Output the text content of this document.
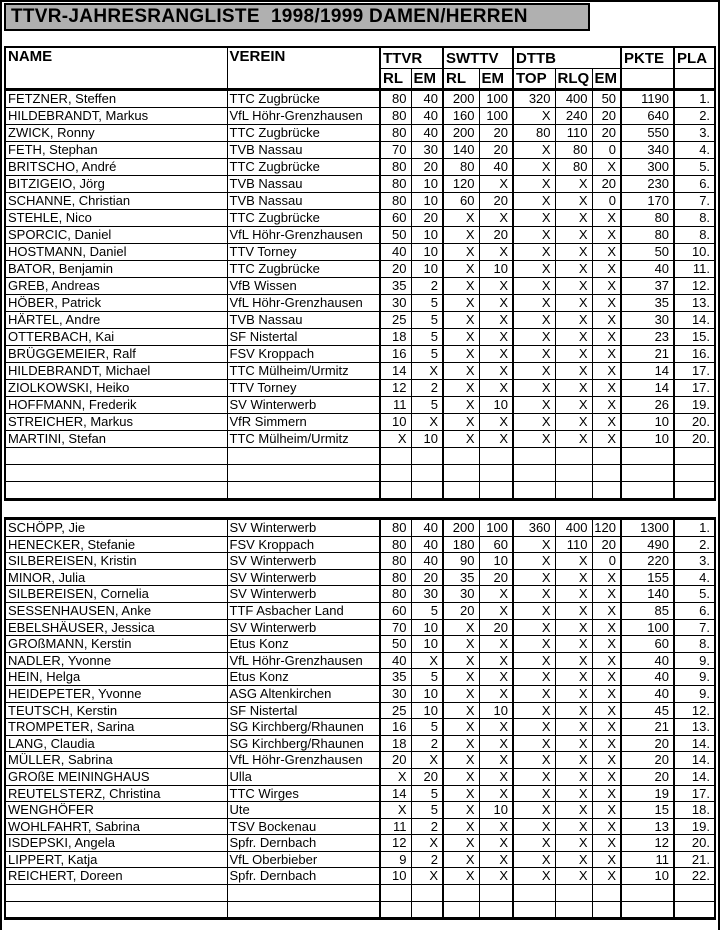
TTVR-JAHRESRANGLISTE  1998/1999 DAMEN/HERREN
NAME	VEREIN	TTVR		SWTTV		DTTB			PKTE	PLA
		RL	EM	RL	EM	TOP	RLQ	EM		
FETZNER, Steffen	TTC Zugbrücke	80	40	200	100	320	400	50	1190	1.
HILDEBRANDT, Markus	VfL Höhr-Grenzhausen	80	40	160	100	X	240	20	640	2.
ZWICK, Ronny	TTC Zugbrücke	80	40	200	20	80	110	20	550	3.
FETH, Stephan	TVB Nassau	70	30	140	20	X	80	0	340	4.
BRITSCHO, André	TTC Zugbrücke	80	20	80	40	X	80	X	300	5.
BITZIGEIO, Jörg	TVB Nassau	80	10	120	X	X	X	20	230	6.
SCHANNE, Christian	TVB Nassau	80	10	60	20	X	X	0	170	7.
STEHLE, Nico	TTC Zugbrücke	60	20	X	X	X	X	X	80	8.
SPORCIC, Daniel	VfL Höhr-Grenzhausen	50	10	X	20	X	X	X	80	8.
HOSTMANN, Daniel	TTV Torney	40	10	X	X	X	X	X	50	10.
BATOR, Benjamin	TTC Zugbrücke	20	10	X	10	X	X	X	40	11.
GREB, Andreas	VfB Wissen	35	2	X	X	X	X	X	37	12.
HÖBER, Patrick	VfL Höhr-Grenzhausen	30	5	X	X	X	X	X	35	13.
HÄRTEL, Andre	TVB Nassau	25	5	X	X	X	X	X	30	14.
OTTERBACH, Kai	SF Nistertal	18	5	X	X	X	X	X	23	15.
BRÜGGEMEIER, Ralf	FSV Kroppach	16	5	X	X	X	X	X	21	16.
HILDEBRANDT, Michael	TTC Mülheim/Urmitz	14	X	X	X	X	X	X	14	17.
ZIOLKOWSKI, Heiko	TTV Torney	12	2	X	X	X	X	X	14	17.
HOFFMANN, Frederik	SV Winterwerb	11	5	X	10	X	X	X	26	19.
STREICHER, Markus	VfR Simmern	10	X	X	X	X	X	X	10	20.
MARTINI, Stefan	TTC Mülheim/Urmitz	X	10	X	X	X	X	X	10	20.

SCHÖPP, Jie	SV Winterwerb	80	40	200	100	360	400	120	1300	1.
HENECKER, Stefanie	FSV Kroppach	80	40	180	60	X	110	20	490	2.
SILBEREISEN, Kristin	SV Winterwerb	80	40	90	10	X	X	0	220	3.
MINOR, Julia	SV Winterwerb	80	20	35	20	X	X	X	155	4.
SILBEREISEN, Cornelia	SV Winterwerb	80	30	30	X	X	X	X	140	5.
SESSENHAUSEN, Anke	TTF Asbacher Land	60	5	20	X	X	X	X	85	6.
EBELSHÄUSER, Jessica	SV Winterwerb	70	10	X	20	X	X	X	100	7.
GROßMANN, Kerstin	Etus Konz	50	10	X	X	X	X	X	60	8.
NADLER, Yvonne	VfL Höhr-Grenzhausen	40	X	X	X	X	X	X	40	9.
HEIN, Helga	Etus Konz	35	5	X	X	X	X	X	40	9.
HEIDEPETER, Yvonne	ASG Altenkirchen	30	10	X	X	X	X	X	40	9.
TEUTSCH, Kerstin	SF Nistertal	25	10	X	10	X	X	X	45	12.
TROMPETER, Sarina	SG Kirchberg/Rhaunen	16	5	X	X	X	X	X	21	13.
LANG, Claudia	SG Kirchberg/Rhaunen	18	2	X	X	X	X	X	20	14.
MÜLLER, Sabrina	VfL Höhr-Grenzhausen	20	X	X	X	X	X	X	20	14.
GROßE MEININGHAUS	Ulla	X	20	X	X	X	X	X	20	14.
REUTELSTERZ, Christina	TTC Wirges	14	5	X	X	X	X	X	19	17.
WENGHÖFER	Ute	X	5	X	10	X	X	X	15	18.
WOHLFAHRT, Sabrina	TSV Bockenau	11	2	X	X	X	X	X	13	19.
ISDEPSKI, Angela	Spfr. Dernbach	12	X	X	X	X	X	X	12	20.
LIPPERT, Katja	VfL Oberbieber	9	2	X	X	X	X	X	11	21.
REICHERT, Doreen	Spfr. Dernbach	10	X	X	X	X	X	X	10	22.
